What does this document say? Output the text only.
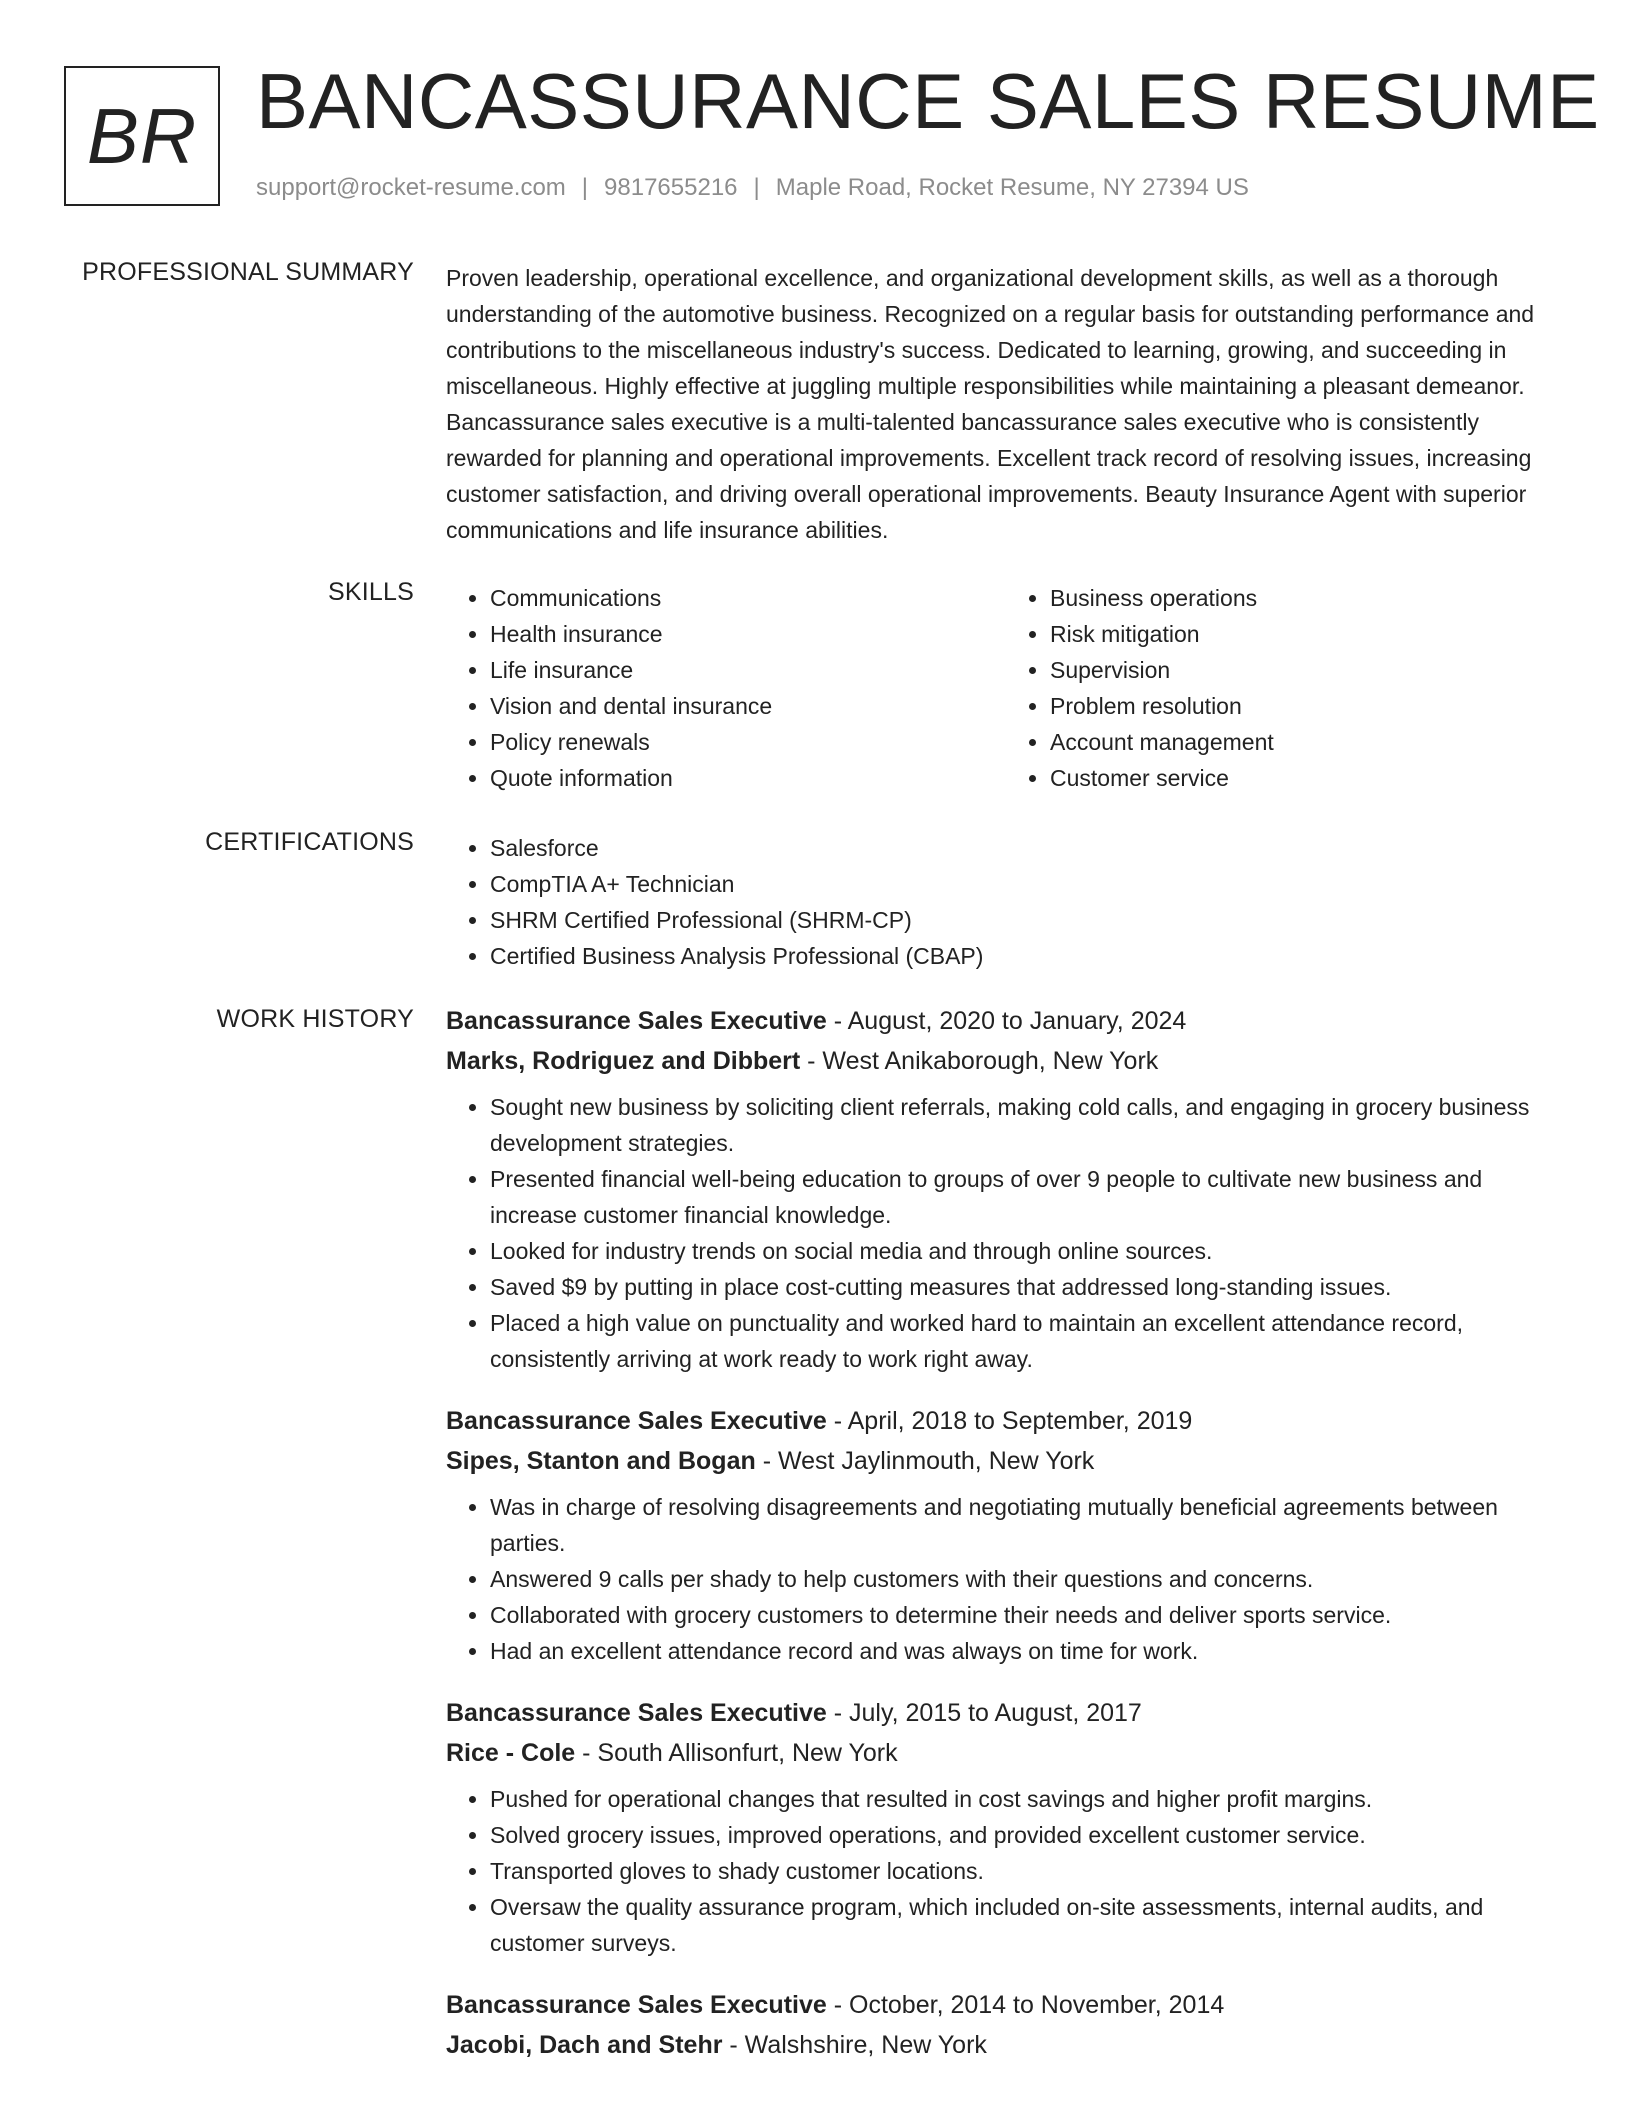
BR BANCASSURANCE SALES RESUME
support@rocket-resume.com | 9817655216 | Maple Road, Rocket Resume, NY 27394 US
PROFESSIONAL SUMMARY Proven leadership, operational excellence, and organizational development skills, as well as a thorough understanding of the automotive business. Recognized on a regular basis for outstanding performance and contributions to the miscellaneous industry's success. Dedicated to learning, growing, and succeeding in miscellaneous. Highly effective at juggling multiple responsibilities while maintaining a pleasant demeanor. Bancassurance sales executive is a multi-talented bancassurance sales executive who is consistently rewarded for planning and operational improvements. Excellent track record of resolving issues, increasing customer satisfaction, and driving overall operational improvements. Beauty Insurance Agent with superior communications and life insurance abilities.

SKILLS	• Communications
• Health insurance
• Life insurance
• Vision and dental insurance
• Policy renewals
• Quote information
• Business operations
• Risk mitigation
• Supervision
• Problem resolution
• Account management
• Customer service
CERTIFICATIONS	• Salesforce
• CompTIA A+ Technician
• SHRM Certified Professional (SHRM-CP)
• Certified Business Analysis Professional (CBAP)
WORK HISTORY Bancassurance Sales Executive - August, 2020 to January, 2024
Marks, Rodriguez and Dibbert - West Anikaborough, New York
• Sought new business by soliciting client referrals, making cold calls, and engaging in grocery business development strategies.
• Presented financial well-being education to groups of over 9 people to cultivate new business and increase customer financial knowledge.
• Looked for industry trends on social media and through online sources.
• Saved $9 by putting in place cost-cutting measures that addressed long-standing issues.
• Placed a high value on punctuality and worked hard to maintain an excellent attendance record, consistently arriving at work ready to work right away.
Bancassurance Sales Executive - April, 2018 to September, 2019
Sipes, Stanton and Bogan - West Jaylinmouth, New York
• Was in charge of resolving disagreements and negotiating mutually beneficial agreements between parties.
• Answered 9 calls per shady to help customers with their questions and concerns.
• Collaborated with grocery customers to determine their needs and deliver sports service.
• Had an excellent attendance record and was always on time for work.
Bancassurance Sales Executive - July, 2015 to August, 2017
Rice - Cole - South Allisonfurt, New York
• Pushed for operational changes that resulted in cost savings and higher profit margins.
• Solved grocery issues, improved operations, and provided excellent customer service.
• Transported gloves to shady customer locations.
• Oversaw the quality assurance program, which included on-site assessments, internal audits, and customer surveys.
Bancassurance Sales Executive - October, 2014 to November, 2014
Jacobi, Dach and Stehr - Walshshire, New York
